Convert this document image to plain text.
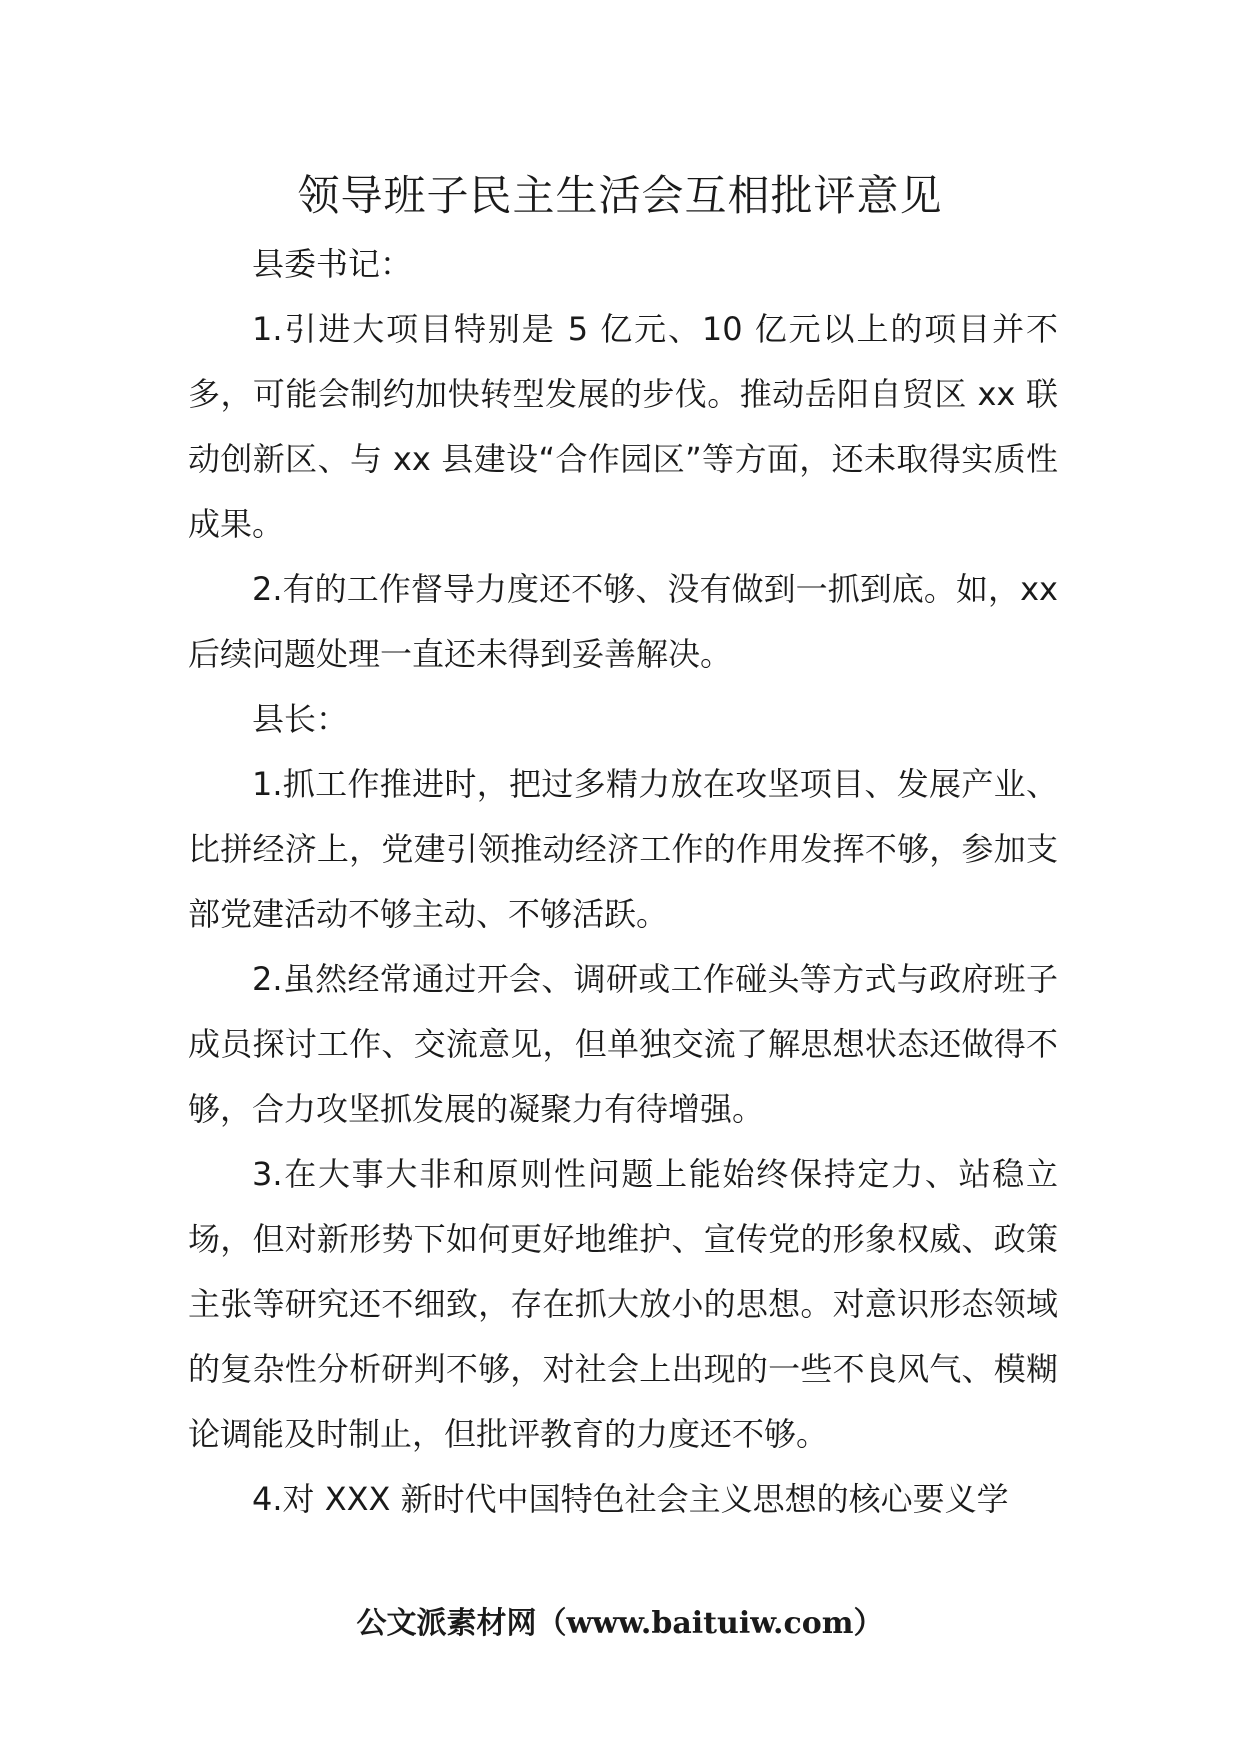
领导班子民主生活会互相批评意见

县委书记：

1.引进大项目特别是 5 亿元、10 亿元以上的项目并不多，可能会制约加快转型发展的步伐。推动岳阳自贸区 xx 联动创新区、与 xx 县建设“合作园区”等方面，还未取得实质性成果。

2.有的工作督导力度还不够、没有做到一抓到底。如，xx 后续问题处理一直还未得到妥善解决。

县长：

1.抓工作推进时，把过多精力放在攻坚项目、发展产业、比拼经济上，党建引领推动经济工作的作用发挥不够，参加支部党建活动不够主动、不够活跃。

2.虽然经常通过开会、调研或工作碰头等方式与政府班子成员探讨工作、交流意见，但单独交流了解思想状态还做得不够，合力攻坚抓发展的凝聚力有待增强。

3.在大事大非和原则性问题上能始终保持定力、站稳立场，但对新形势下如何更好地维护、宣传党的形象权威、政策主张等研究还不细致，存在抓大放小的思想。对意识形态领域的复杂性分析研判不够，对社会上出现的一些不良风气、模糊论调能及时制止，但批评教育的力度还不够。

4.对 XXX 新时代中国特色社会主义思想的核心要义学

公文派素材网（www.baituiw.com）
